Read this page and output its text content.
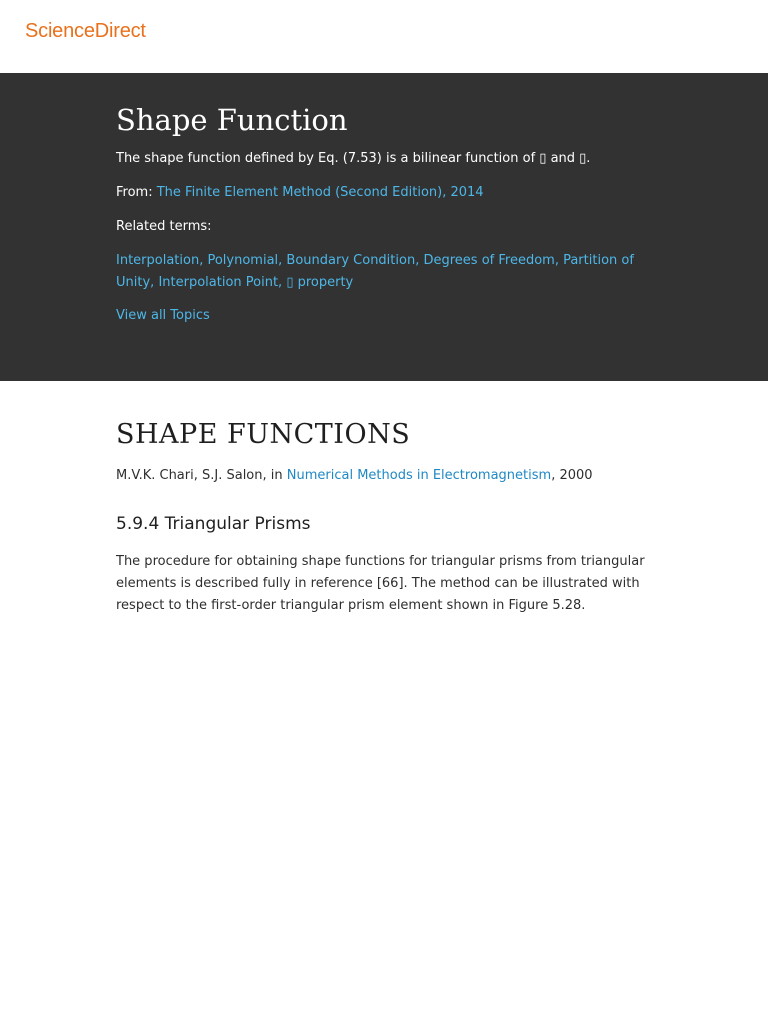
ScienceDirect
Shape Function
The shape function defined by Eq. (7.53) is a bilinear function of ▯ and ▯.
From: The Finite Element Method (Second Edition), 2014
Related terms:
Interpolation, Polynomial, Boundary Condition, Degrees of Freedom, Partition of Unity, Interpolation Point, ▯ property
View all Topics
SHAPE FUNCTIONS
M.V.K. Chari, S.J. Salon, in Numerical Methods in Electromagnetism, 2000
5.9.4 Triangular Prisms

The procedure for obtaining shape functions for triangular prisms from triangular elements is described fully in reference [66]. The method can be illustrated with respect to the first-order triangular prism element shown in Figure 5.28.
